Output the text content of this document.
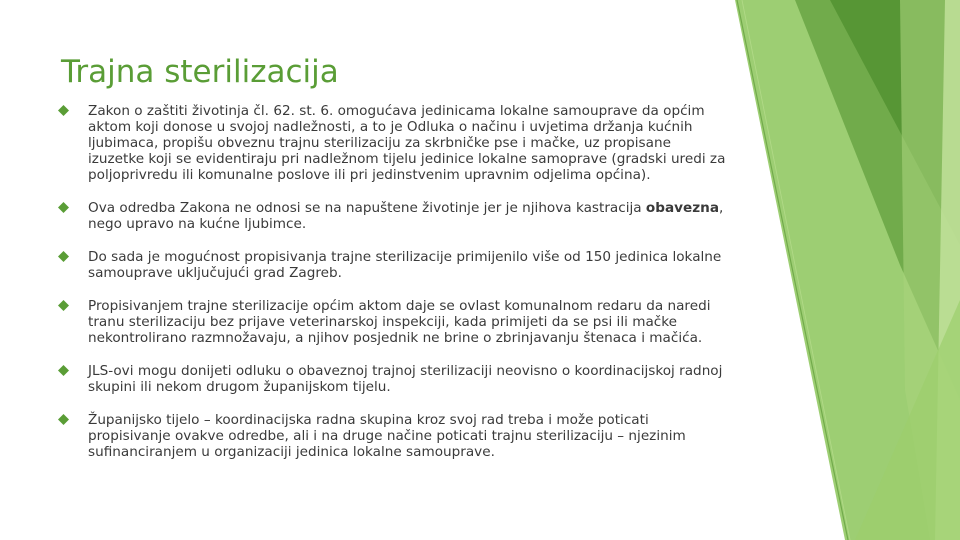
Trajna sterilizacija
Zakon o zaštiti životinja čl. 62. st. 6. omogućava jedinicama lokalne samouprave da općim aktom koji donose u svojoj nadležnosti, a to je Odluka o načinu i uvjetima držanja kućnih ljubimaca, propišu obveznu trajnu sterilizaciju za skrbničke pse i mačke, uz propisane izuzetke koji se evidentiraju pri nadležnom tijelu jedinice lokalne samoprave (gradski uredi za poljoprivredu ili komunalne poslove ili pri jedinstvenim upravnim odjelima općina).
Ova odredba Zakona ne odnosi se na napuštene životinje jer je njihova kastracija obavezna, nego upravo na kućne ljubimce.
Do sada je mogućnost propisivanja trajne sterilizacije primijenilo više od 150 jedinica lokalne samouprave uključujući grad Zagreb.
Propisivanjem trajne sterilizacije općim aktom daje se ovlast komunalnom redaru da naredi tranu sterilizaciju bez prijave veterinarskoj inspekciji, kada primijeti da se psi ili mačke nekontrolirano razmnožavaju, a njihov posjednik ne brine o zbrinjavanju štenaca i mačića.
JLS-ovi mogu donijeti odluku o obaveznoj trajnoj sterilizaciji neovisno o koordinacijskoj radnoj skupini ili nekom drugom županijskom tijelu.
Županijsko tijelo – koordinacijska radna skupina kroz svoj rad treba i može poticati propisivanje ovakve odredbe, ali i na druge načine poticati trajnu sterilizaciju – njezinim sufinanciranjem u organizaciji jedinica lokalne samouprave.
